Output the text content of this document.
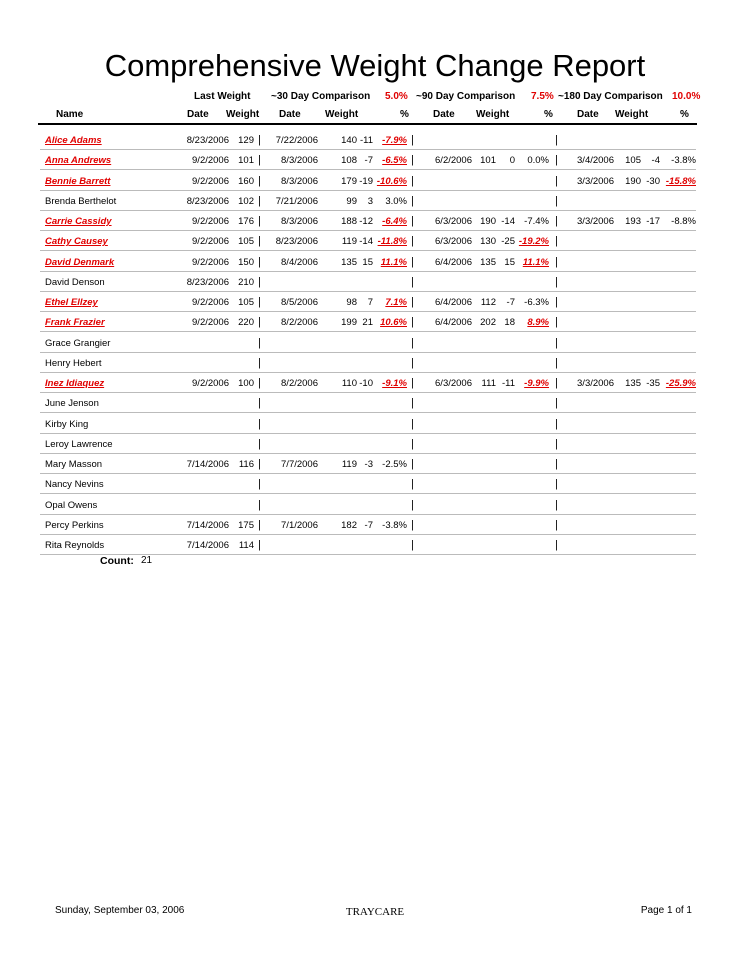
Comprehensive Weight Change Report
Last Weight ~30 Day Comparison 5.0% ~90 Day Comparison 7.5% ~180 Day Comparison 10.0%
Name	Date Weight Date Weight	% Date Weight	% Date Weight	%
Alice Adams	8/23/2006 129 |	7/22/2006	140 -11 -7.9% |	|
Anna Andrews	9/2/2006 101 |	8/3/2006	108 -7 -6.5% |	6/2/2006 101	0	0.0% |	3/4/2006	105	-4	-3.8%
Bennie Barrett	9/2/2006 160 |	8/3/2006	179 -19 -10.6% |	|	3/3/2006	190 -30 -15.8%
Brenda Berthelot	8/23/2006 102 |	7/21/2006	99	3	3.0% |	|
Carrie Cassidy	9/2/2006 176 |	8/3/2006	188 -12 -6.4% |	6/3/2006 190 -14 -7.4% |	3/3/2006	193 -17	-8.8%
Cathy Causey	9/2/2006 105 |	8/23/2006	119 -14 -11.8% |	6/3/2006 130 -25 -19.2% |
David Denmark	9/2/2006 150 |	8/4/2006	135 15 11.1% |	6/4/2006 135 15 11.1% |
David Denson	8/23/2006 210 |	|	|
Ethel Ellzey	9/2/2006 105 |	8/5/2006	98	7	7.1% |	6/4/2006 112	-7 -6.3% |
Frank Frazier	9/2/2006 220 |	8/2/2006	199 21 10.6% |	6/4/2006 202 18	8.9% |
Grace Grangier	|	|	|
Henry Hebert	|	|	|
Inez Idiaquez	9/2/2006 100 |	8/2/2006	110 -10 -9.1% |	6/3/2006	111 -11 -9.9% |	3/3/2006	135 -35 -25.9%
June Jenson	|	|	|
Kirby King	|	|	|
Leroy Lawrence	|	|	|
Mary Masson	7/14/2006	116 |	7/7/2006	119 -3 -2.5% |	|
Nancy Nevins	|	|	|
Opal Owens	|	|	|
Percy Perkins	7/14/2006 175 |	7/1/2006	182 -7 -3.8% |	|
Rita Reynolds	7/14/2006	114 |	|	|
Count: 21
Sunday, September 03, 2006	TRAYCARE	Page 1 of 1
